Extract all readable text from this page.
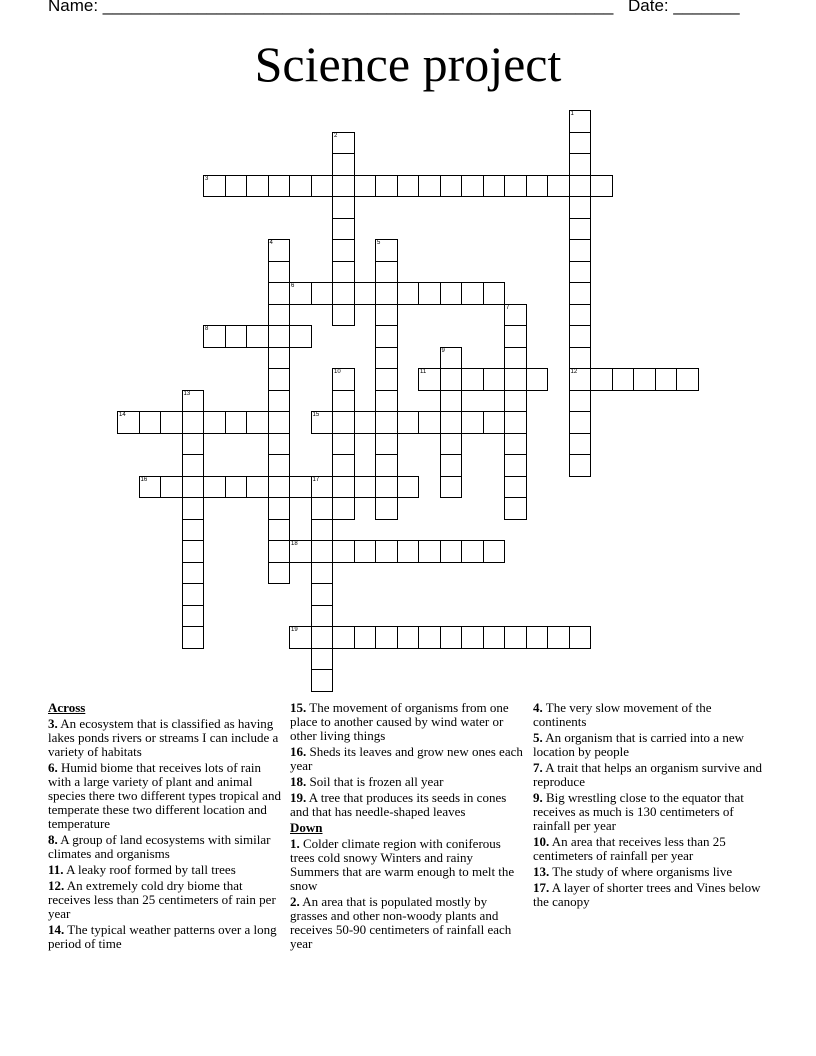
Name: ______________________________________________________ Date: _______
Science project
1
12
2
3
4	5
6
7
8
9
10	11
13
14	15
16	17
18
19
Across
3. An ecosystem that is classified as having lakes ponds rivers or streams I can include a variety of habitats
6. Humid biome that receives lots of rain with a large variety of plant and animal species there two different types tropical and temperate these two different location and temperature
8. A group of land ecosystems with similar climates and organisms
11. A leaky roof formed by tall trees
12. An extremely cold dry biome that receives less than 25 centimeters of rain per year
14. The typical weather patterns over a long period of time
15. The movement of organisms from one place to another caused by wind water or other living things
16. Sheds its leaves and grow new ones each year
18. Soil that is frozen all year
19. A tree that produces its seeds in cones and that has needle-shaped leaves
Down
1. Colder climate region with coniferous trees cold snowy Winters and rainy Summers that are warm enough to melt the snow
2. An area that is populated mostly by grasses and other non-woody plants and receives 50-90 centimeters of rainfall each year
4. The very slow movement of the continents
5. An organism that is carried into a new location by people
7. A trait that helps an organism survive and reproduce
9. Big wrestling close to the equator that receives as much is 130 centimeters of rainfall per year
10. An area that receives less than 25 centimeters of rainfall per year
13. The study of where organisms live
17. A layer of shorter trees and Vines below the canopy
